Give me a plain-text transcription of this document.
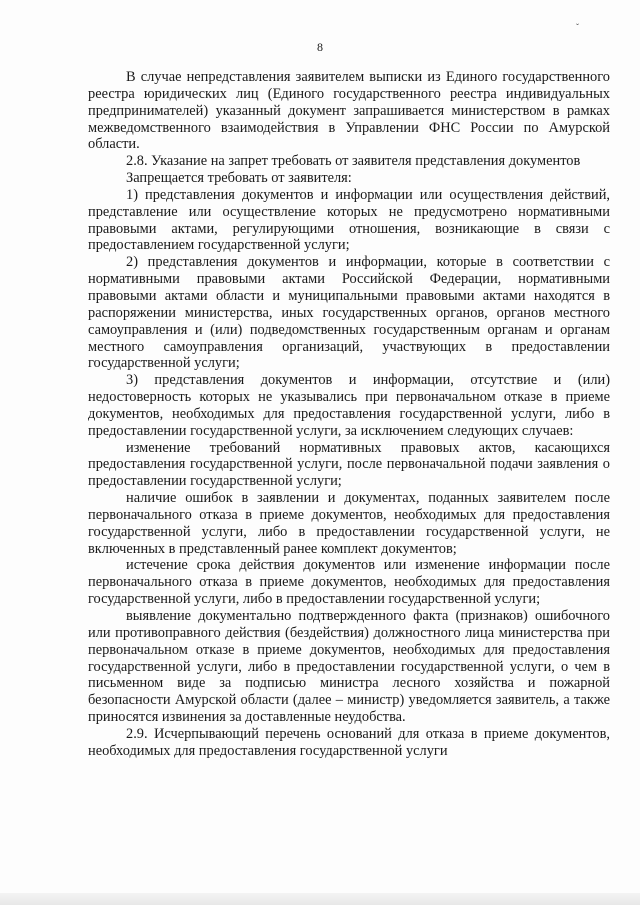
ˇ
8

В случае непредставления заявителем выписки из Единого государственного реестра юридических лиц (Единого государственного реестра индивидуальных предпринимателей) указанный документ запрашивается министерством в рамках межведомственного взаимодействия в Управлении ФНС России по Амурской области.

2.8. Указание на запрет требовать от заявителя представления документов

Запрещается требовать от заявителя:

1) представления документов и информации или осуществления действий, представление или осуществление которых не предусмотрено нормативными правовыми актами, регулирующими отношения, возникающие в связи с предоставлением государственной услуги;

2) представления документов и информации, которые в соответствии с нормативными правовыми актами Российской Федерации, нормативными правовыми актами области и муниципальными правовыми актами находятся в распоряжении министерства, иных государственных органов, органов местного самоуправления и (или) подведомственных государственным органам и органам местного самоуправления организаций, участвующих в предоставлении государственной услуги;

3) представления документов и информации, отсутствие и (или) недостоверность которых не указывались при первоначальном отказе в приеме документов, необходимых для предоставления государственной услуги, либо в предоставлении государственной услуги, за исключением следующих случаев:

изменение требований нормативных правовых актов, касающихся предоставления государственной услуги, после первоначальной подачи заявления о предоставлении государственной услуги;

наличие ошибок в заявлении и документах, поданных заявителем после первоначального отказа в приеме документов, необходимых для предоставления государственной услуги, либо в предоставлении государственной услуги, не включенных в представленный ранее комплект документов;

истечение срока действия документов или изменение информации после первоначального отказа в приеме документов, необходимых для предоставления государственной услуги, либо в предоставлении государственной услуги;

выявление документально подтвержденного факта (признаков) ошибочного или противоправного действия (бездействия) должностного лица министерства при первоначальном отказе в приеме документов, необходимых для предоставления государственной услуги, либо в предоставлении государственной услуги, о чем в письменном виде за подписью министра лесного хозяйства и пожарной безопасности Амурской области (далее – министр) уведомляется заявитель, а также приносятся извинения за доставленные неудобства.

2.9. Исчерпывающий перечень оснований для отказа в приеме документов, необходимых для предоставления государственной услуги
